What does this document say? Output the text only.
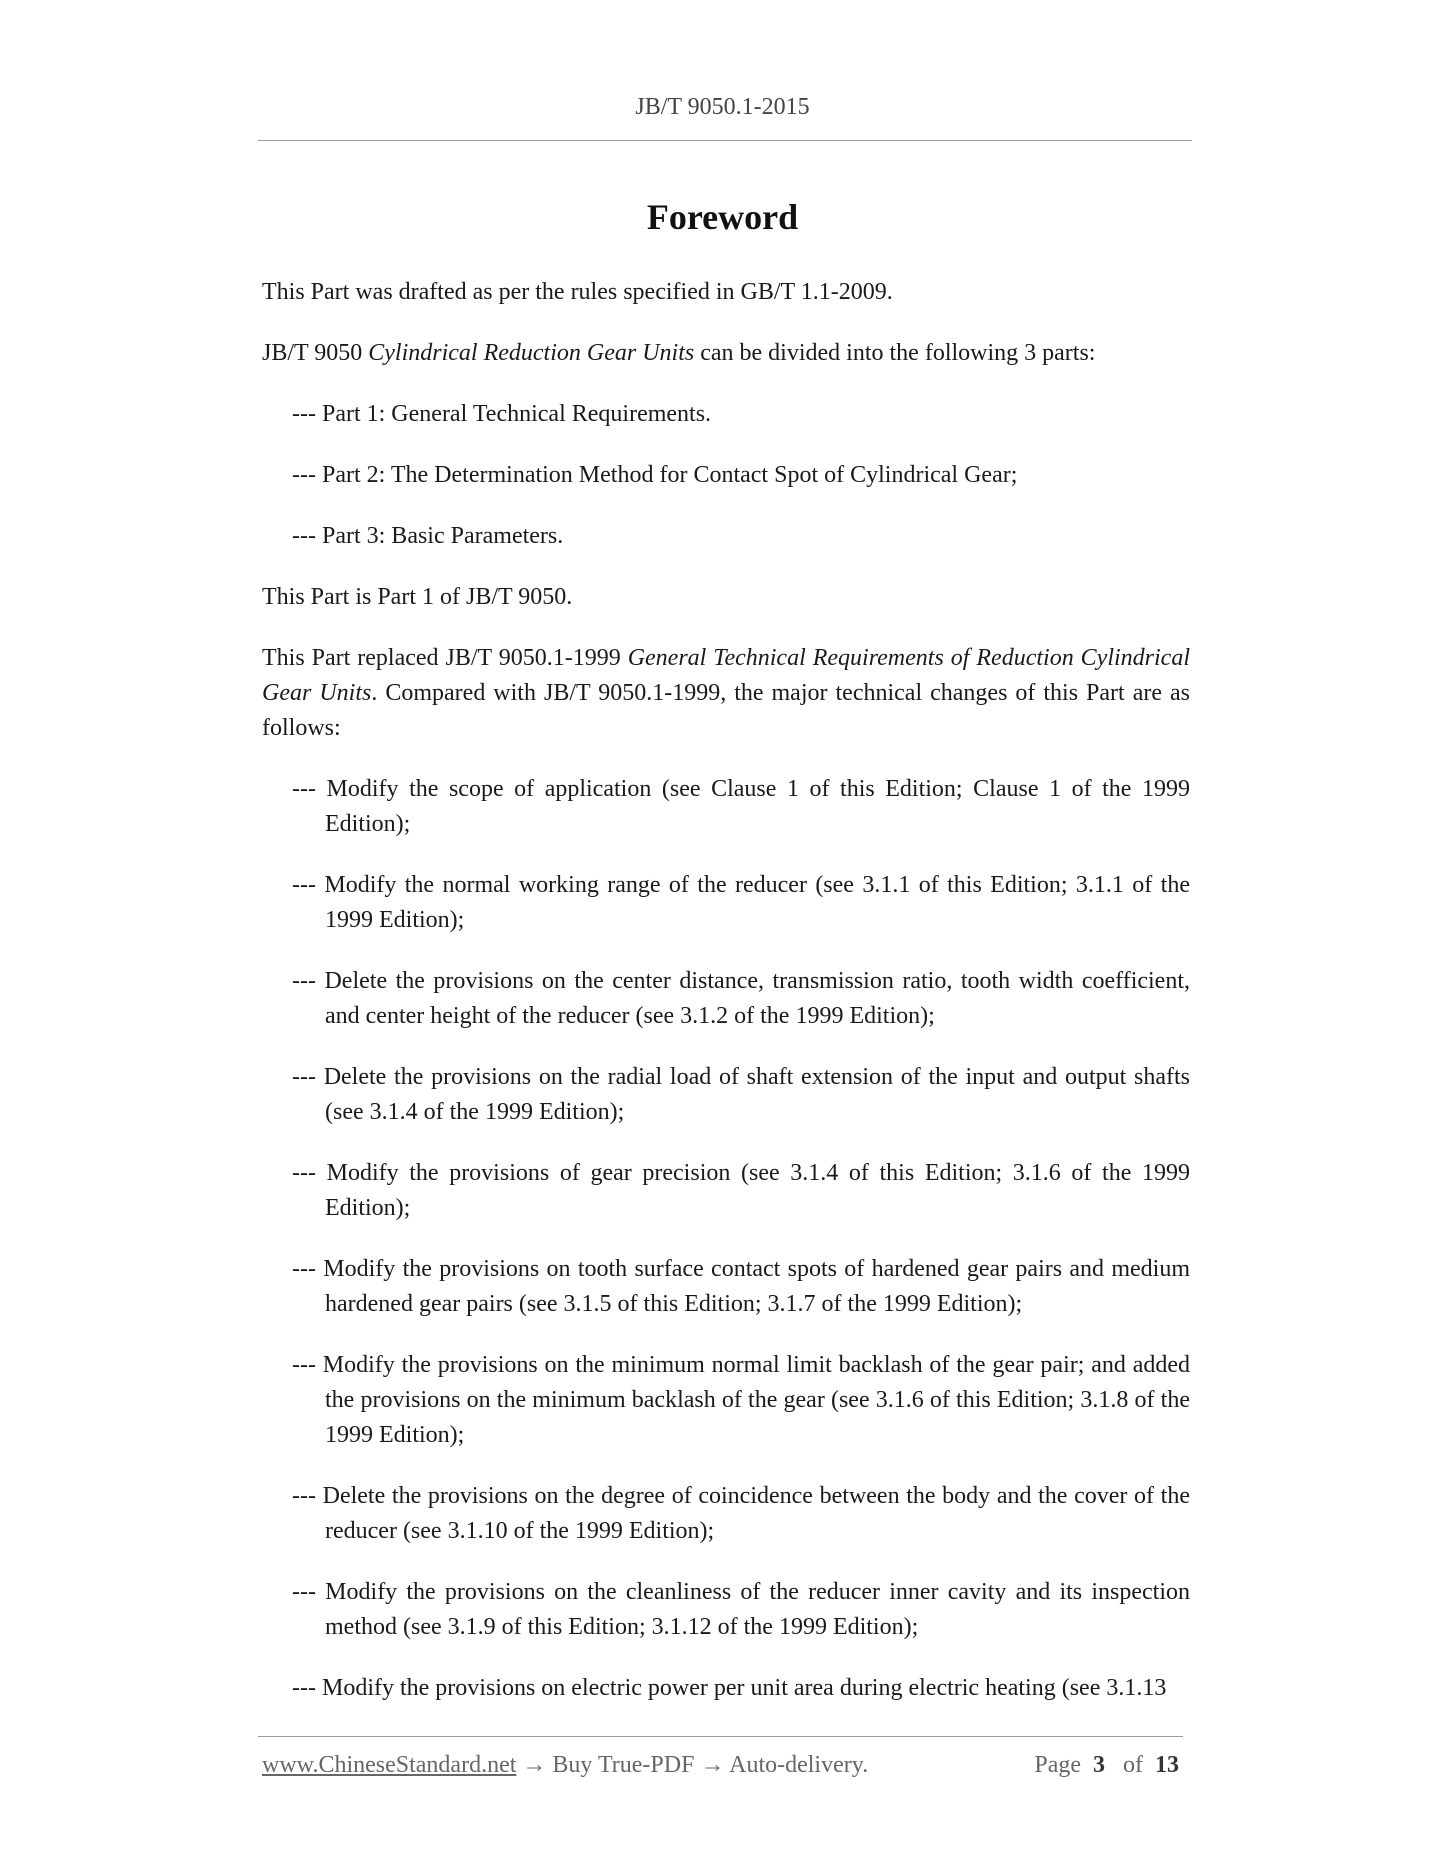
JB/T 9050.1-2015
Foreword

This Part was drafted as per the rules specified in GB/T 1.1-2009.

JB/T 9050 Cylindrical Reduction Gear Units can be divided into the following 3 parts:

--- Part 1: General Technical Requirements.

--- Part 2: The Determination Method for Contact Spot of Cylindrical Gear;

--- Part 3: Basic Parameters.

This Part is Part 1 of JB/T 9050.

This Part replaced JB/T 9050.1-1999 General Technical Requirements of Reduction Cylindrical Gear Units. Compared with JB/T 9050.1-1999, the major technical changes of this Part are as follows:

--- Modify the scope of application (see Clause 1 of this Edition; Clause 1 of the 1999 Edition);

--- Modify the normal working range of the reducer (see 3.1.1 of this Edition; 3.1.1 of the 1999 Edition);

--- Delete the provisions on the center distance, transmission ratio, tooth width coefficient, and center height of the reducer (see 3.1.2 of the 1999 Edition);

--- Delete the provisions on the radial load of shaft extension of the input and output shafts (see 3.1.4 of the 1999 Edition);

--- Modify the provisions of gear precision (see 3.1.4 of this Edition; 3.1.6 of the 1999 Edition);

--- Modify the provisions on tooth surface contact spots of hardened gear pairs and medium hardened gear pairs (see 3.1.5 of this Edition; 3.1.7 of the 1999 Edition);

--- Modify the provisions on the minimum normal limit backlash of the gear pair; and added the provisions on the minimum backlash of the gear (see 3.1.6 of this Edition; 3.1.8 of the 1999 Edition);

--- Delete the provisions on the degree of coincidence between the body and the cover of the reducer (see 3.1.10 of the 1999 Edition);

--- Modify the provisions on the cleanliness of the reducer inner cavity and its inspection method (see 3.1.9 of this Edition; 3.1.12 of the 1999 Edition);

--- Modify the provisions on electric power per unit area during electric heating (see 3.1.13

www.ChineseStandard.net → Buy True-PDF → Auto-delivery.	Page 3 of 13
